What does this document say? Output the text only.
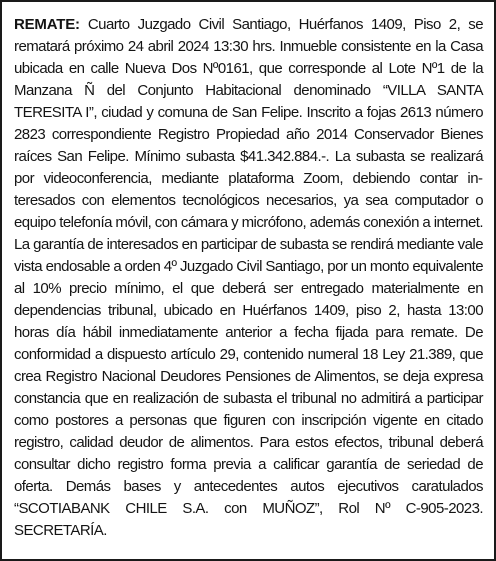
REMATE: Cuarto Juzgado Civil Santiago, Huérfanos 1409, Piso 2, se rematará próximo 24 abril 2024 13:30 hrs. Inmueble consistente en la Casa ubicada en calle Nueva Dos Nº0161, que corresponde al Lote Nº1 de la Manzana Ñ del Conjunto Habitacional denominado “VILLA SANTA TERESITA I”, ciudad y comuna de San Felipe. Inscrito a fojas 2613 número 2823 correspondiente Registro Propiedad año 2014 Conservador Bienes raíces San Felipe. Mínimo subasta $41.342.884.-. La subasta se realizará por videoconferencia, mediante plataforma Zoom, debiendo contar interesados con elementos tecnológicos necesarios, ya sea computador o equipo telefonía móvil, con cámara y micrófono, además conexión a internet. La garantía de interesados en participar de subasta se rendirá mediante vale vista endosable a orden 4º Juzgado Civil Santiago, por un monto equivalente al 10% precio mínimo, el que deberá ser entregado materialmente en dependencias tribunal, ubicado en Huérfanos 1409, piso 2, hasta 13:00 horas día hábil inmediatamente anterior a fecha fijada para remate. De conformidad a dispuesto artículo 29, contenido numeral 18 Ley 21.389, que crea Registro Nacional Deudores Pensiones de Alimentos, se deja expresa constancia que en realización de subasta el tribunal no admitirá a participar como postores a personas que figuren con inscripción vigente en citado registro, calidad deudor de alimentos. Para estos efectos, tribunal deberá consultar dicho registro forma previa a calificar garantía de seriedad de oferta. Demás bases y antecedentes autos ejecutivos caratulados “SCOTIABANK CHILE S.A. con MUÑOZ”, Rol Nº C-905-2023. SECRETARÍA.
